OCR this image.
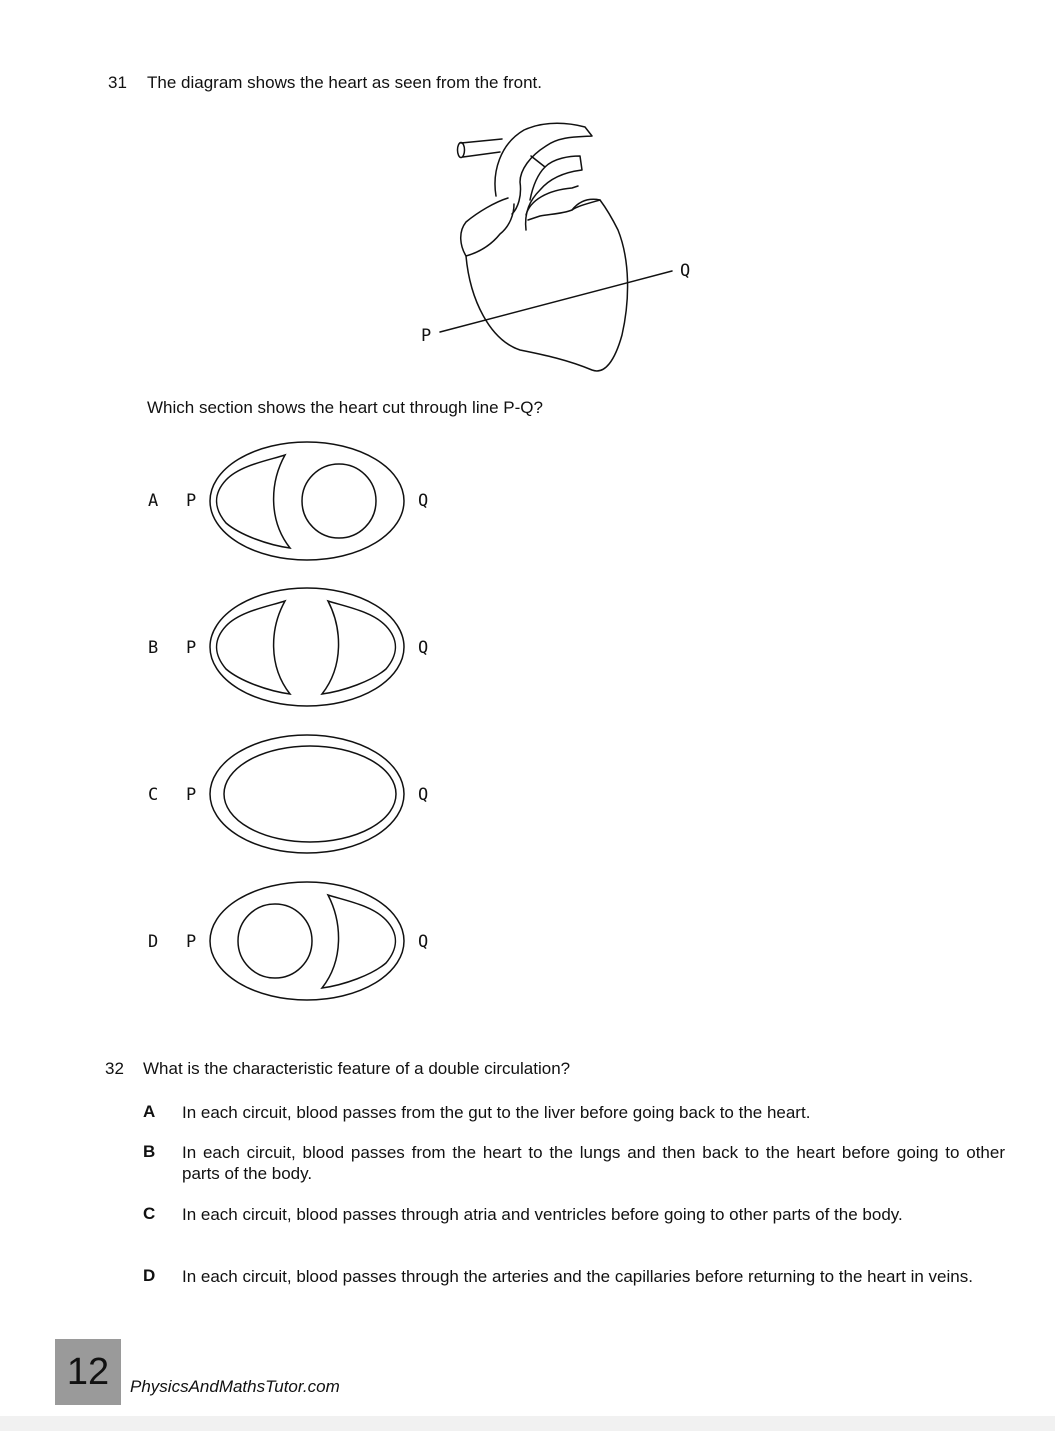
31 The diagram shows the heart as seen from the front.
Q
P
Which section shows the heart cut through line P-Q?
A P	Q
B P	Q
C P	Q
D P	Q
32 What is the characteristic feature of a double circulation?
A In each circuit, blood passes from the gut to the liver before going back to the heart.
B In each circuit, blood passes from the heart to the lungs and then back to the heart before going to other parts of the body.
C In each circuit, blood passes through atria and ventricles before going to other parts of the body.
D In each circuit, blood passes through the arteries and the capillaries before returning to the heart in veins.
12	PhysicsAndMathsTutor.com
